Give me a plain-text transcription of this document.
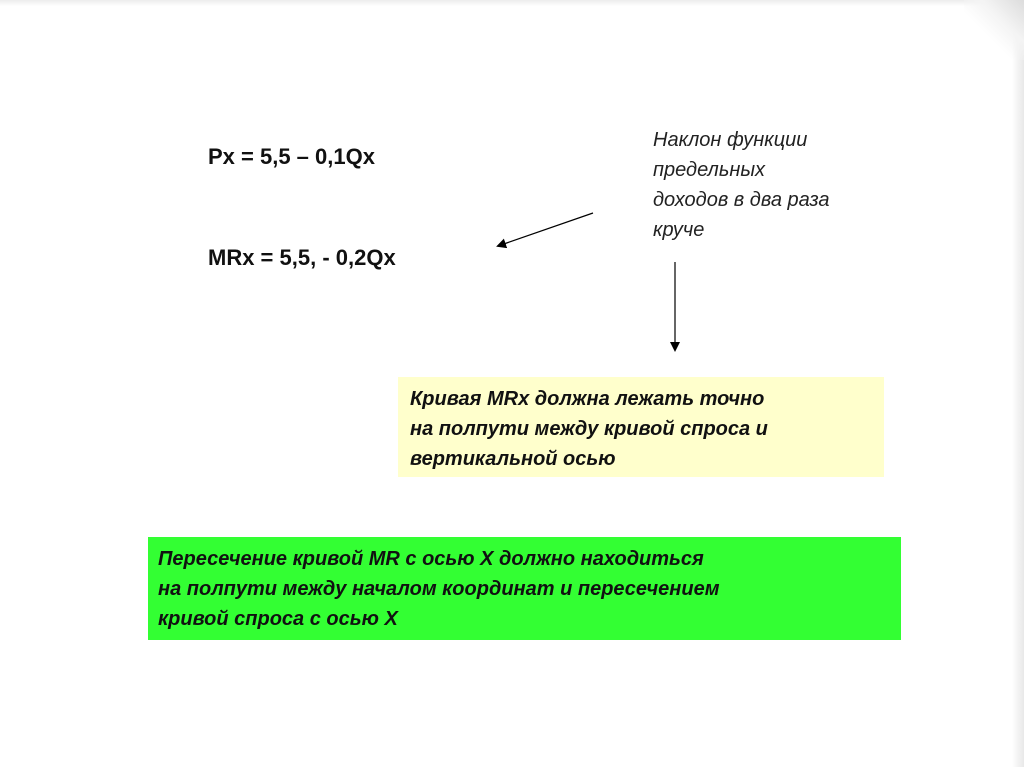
Px = 5,5 – 0,1Qx
MRx = 5,5, - 0,2Qx
Наклон функции
предельных
доходов в два раза
круче
Кривая MRx должна лежать точно
на полпути между кривой спроса и
вертикальной осью
Пересечение кривой MR с осью X должно находиться
на полпути между началом координат и пересечением
кривой спроса с осью X
